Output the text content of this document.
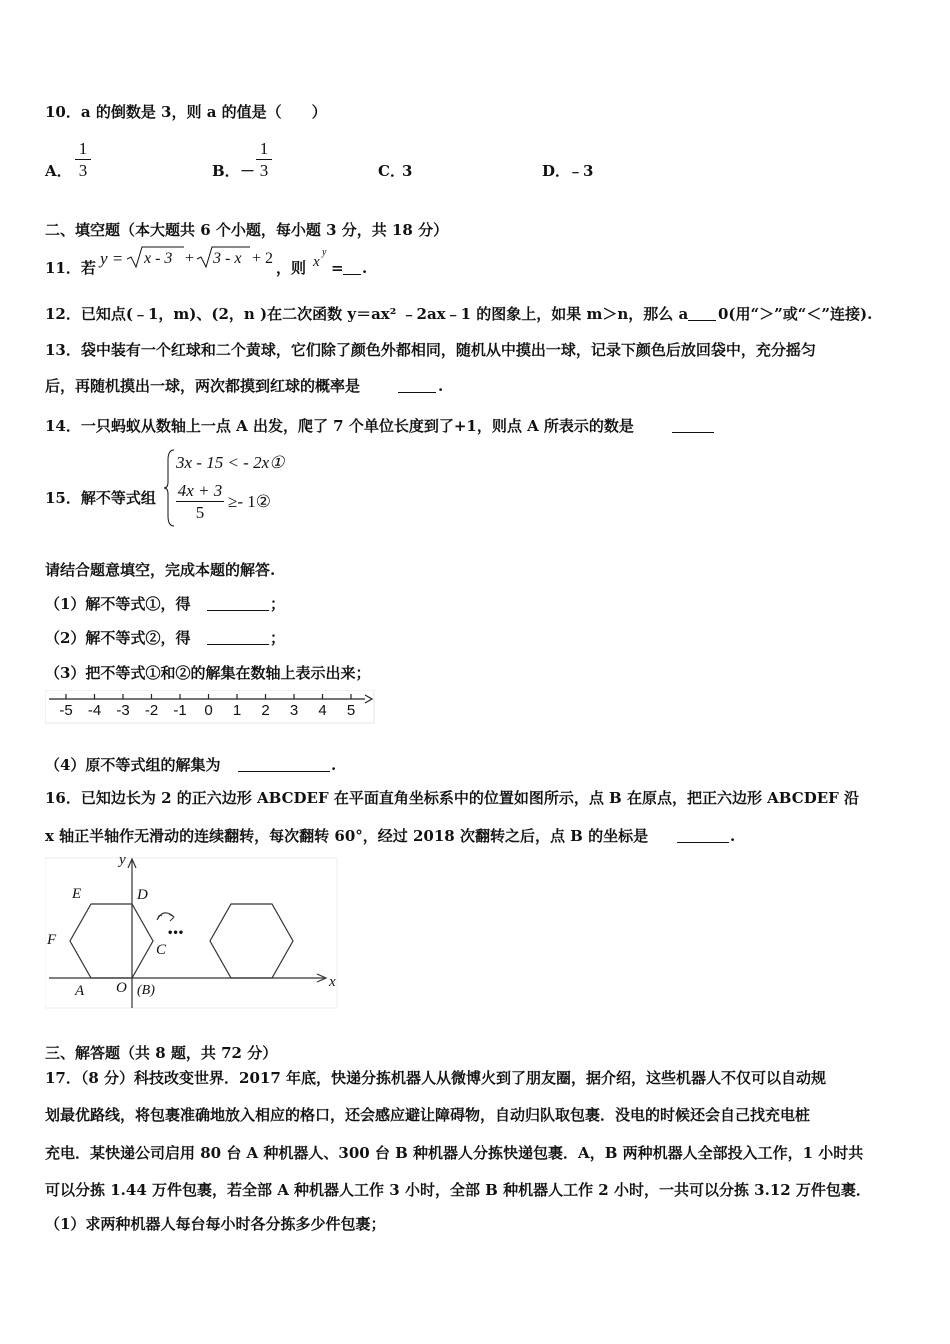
10．a 的倒数是 3，则 a 的值是（　　）
A．
1
3	B． －
1
3	C．
3	D．
﹣3
二、填空题（本大题共 6 个小题，每小题 3 分，共 18 分）
11．若 y = x - 3 + 3 - x + 2
，则 x
y
= .
12．已知点(﹣1，m)、(2，n )在二次函数 y＝ax² ﹣2ax﹣1 的图象上，如果 m＞n，那么 a 0(用“＞”或“＜”连接).
13．袋中装有一个红球和二个黄球，它们除了颜色外都相同，随机从中摸出一球，记录下颜色后放回袋中，充分摇匀
后，再随机摸出一球，两次都摸到红球的概率是	.
14．一只蚂蚁从数轴上一点 A 出发，爬了 7 个单位长度到了+1，则点 A 所表示的数是
15．解不等式组
3x - 15 < - 2x①
4x + 3
5
≥- 1②
请结合题意填空，完成本题的解答.
（1）解不等式①，得	；
（2）解不等式②，得	；
（3）把不等式①和②的解集在数轴上表示出来；
-5 -4 -3 -2 -1	0	1	2	3	4	5
（4）原不等式组的解集为	.
16．已知边长为 2 的正六边形 ABCDEF 在平面直角坐标系中的位置如图所示，点 B 在原点，把正六边形 ABCDEF 沿
x 轴正半轴作无滑动的连续翻转，每次翻转 60°，经过 2018 次翻转之后，点 B 的坐标是	.
y
x
E	D
F
C
A O (B)
•••
三、解答题（共 8 题，共 72 分）
17．（8 分）科技改变世界．2017 年底，快递分拣机器人从微博火到了朋友圈，据介绍，这些机器人不仅可以自动规
划最优路线，将包裹准确地放入相应的格口，还会感应避让障碍物，自动归队取包裹．没电的时候还会自己找充电桩
充电．某快递公司启用 80 台 A 种机器人、300 台 B 种机器人分拣快递包裹．A，B 两种机器人全部投入工作，1 小时共
可以分拣 1.44 万件包裹，若全部 A 种机器人工作 3 小时，全部 B 种机器人工作 2 小时，一共可以分拣 3.12 万件包裹．
（1）求两种机器人每台每小时各分拣多少件包裹；
